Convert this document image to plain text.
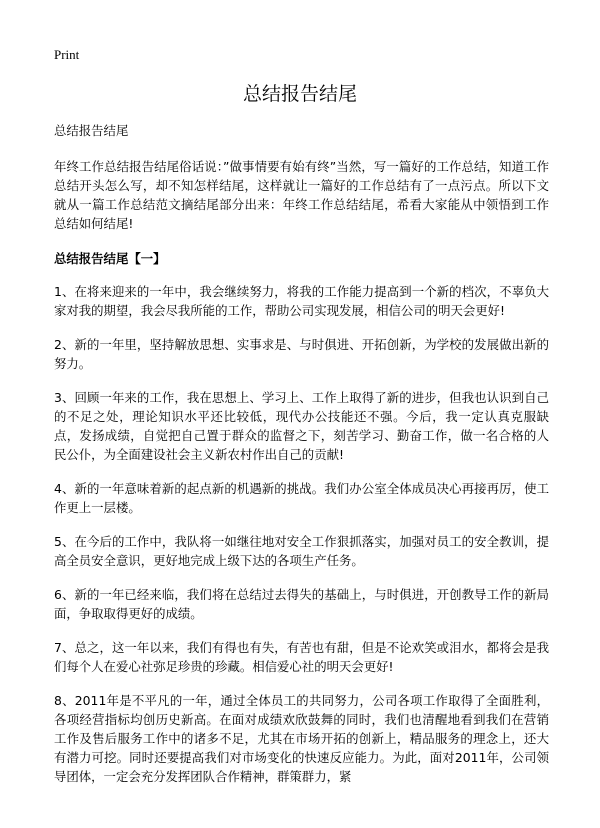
Print
总结报告结尾

总结报告结尾

年终工作总结报告结尾俗话说：”做事情要有始有终”当然，写一篇好的工作总结，知道工作总结开头怎么写，却不知怎样结尾，这样就让一篇好的工作总结有了一点污点。所以下文就从一篇工作总结范文摘结尾部分出来：年终工作总结结尾，希看大家能从中领悟到工作总结如何结尾!

总结报告结尾【一】

1、在将来迎来的一年中，我会继续努力，将我的工作能力提高到一个新的档次，不辜负大家对我的期望，我会尽我所能的工作，帮助公司实现发展，相信公司的明天会更好!

2、新的一年里，坚持解放思想、实事求是、与时俱进、开拓创新，为学校的发展做出新的努力。

3、回顾一年来的工作，我在思想上、学习上、工作上取得了新的进步，但我也认识到自己的不足之处，理论知识水平还比较低，现代办公技能还不强。今后，我一定认真克服缺点，发扬成绩，自觉把自己置于群众的监督之下，刻苦学习、勤奋工作，做一名合格的人民公仆，为全面建设社会主义新农村作出自己的贡献!

4、新的一年意味着新的起点新的机遇新的挑战。我们办公室全体成员决心再接再厉，使工作更上一层楼。

5、在今后的工作中，我队将一如继往地对安全工作狠抓落实，加强对员工的安全教训，提高全员安全意识，更好地完成上级下达的各项生产任务。

6、新的一年已经来临，我们将在总结过去得失的基础上，与时俱进，开创教导工作的新局面，争取取得更好的成绩。

7、总之，这一年以来，我们有得也有失，有苦也有甜，但是不论欢笑或泪水，都将会是我们每个人在爱心社弥足珍贵的珍藏。相信爱心社的明天会更好!

8、2011年是不平凡的一年，通过全体员工的共同努力，公司各项工作取得了全面胜利，各项经营指标均创历史新高。在面对成绩欢欣鼓舞的同时，我们也清醒地看到我们在营销工作及售后服务工作中的诸多不足，尤其在市场开拓的创新上，精品服务的理念上，还大有潜力可挖。同时还要提高我们对市场变化的快速反应能力。为此，面对2011年，公司领导团体，一定会充分发挥团队合作精神，群策群力，紧
